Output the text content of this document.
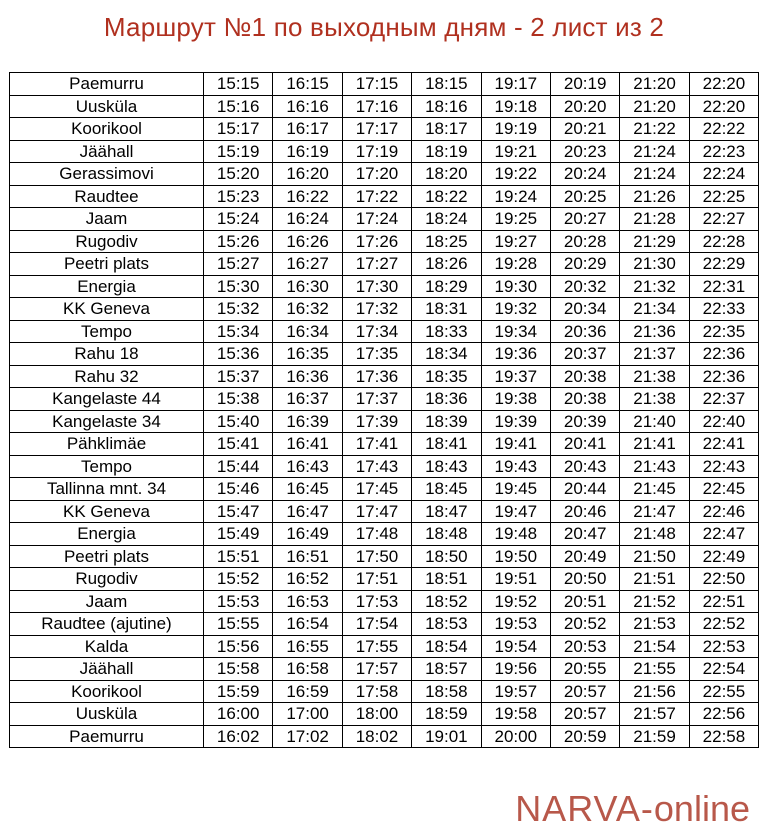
Маршрут №1 по выходным дням - 2 лист из 2
Paemurru	15:15	16:15	17:15	18:15	19:17	20:19	21:20	22:20
Uusküla	15:16	16:16	17:16	18:16	19:18	20:20	21:20	22:20
Koorikool	15:17	16:17	17:17	18:17	19:19	20:21	21:22	22:22
Jäähall	15:19	16:19	17:19	18:19	19:21	20:23	21:24	22:23
Gerassimovi	15:20	16:20	17:20	18:20	19:22	20:24	21:24	22:24
Raudtee	15:23	16:22	17:22	18:22	19:24	20:25	21:26	22:25
Jaam	15:24	16:24	17:24	18:24	19:25	20:27	21:28	22:27
Rugodiv	15:26	16:26	17:26	18:25	19:27	20:28	21:29	22:28
Peetri plats	15:27	16:27	17:27	18:26	19:28	20:29	21:30	22:29
Energia	15:30	16:30	17:30	18:29	19:30	20:32	21:32	22:31
KK Geneva	15:32	16:32	17:32	18:31	19:32	20:34	21:34	22:33
Tempo	15:34	16:34	17:34	18:33	19:34	20:36	21:36	22:35
Rahu 18	15:36	16:35	17:35	18:34	19:36	20:37	21:37	22:36
Rahu 32	15:37	16:36	17:36	18:35	19:37	20:38	21:38	22:36
Kangelaste 44	15:38	16:37	17:37	18:36	19:38	20:38	21:38	22:37
Kangelaste 34	15:40	16:39	17:39	18:39	19:39	20:39	21:40	22:40
Pähklimäe	15:41	16:41	17:41	18:41	19:41	20:41	21:41	22:41
Tempo	15:44	16:43	17:43	18:43	19:43	20:43	21:43	22:43
Tallinna mnt. 34	15:46	16:45	17:45	18:45	19:45	20:44	21:45	22:45
KK Geneva	15:47	16:47	17:47	18:47	19:47	20:46	21:47	22:46
Energia	15:49	16:49	17:48	18:48	19:48	20:47	21:48	22:47
Peetri plats	15:51	16:51	17:50	18:50	19:50	20:49	21:50	22:49
Rugodiv	15:52	16:52	17:51	18:51	19:51	20:50	21:51	22:50
Jaam	15:53	16:53	17:53	18:52	19:52	20:51	21:52	22:51
Raudtee (ajutine)	15:55	16:54	17:54	18:53	19:53	20:52	21:53	22:52
Kalda	15:56	16:55	17:55	18:54	19:54	20:53	21:54	22:53
Jäähall	15:58	16:58	17:57	18:57	19:56	20:55	21:55	22:54
Koorikool	15:59	16:59	17:58	18:58	19:57	20:57	21:56	22:55
Uusküla	16:00	17:00	18:00	18:59	19:58	20:57	21:57	22:56
Paemurru	16:02	17:02	18:02	19:01	20:00	20:59	21:59	22:58
NARVA-online
